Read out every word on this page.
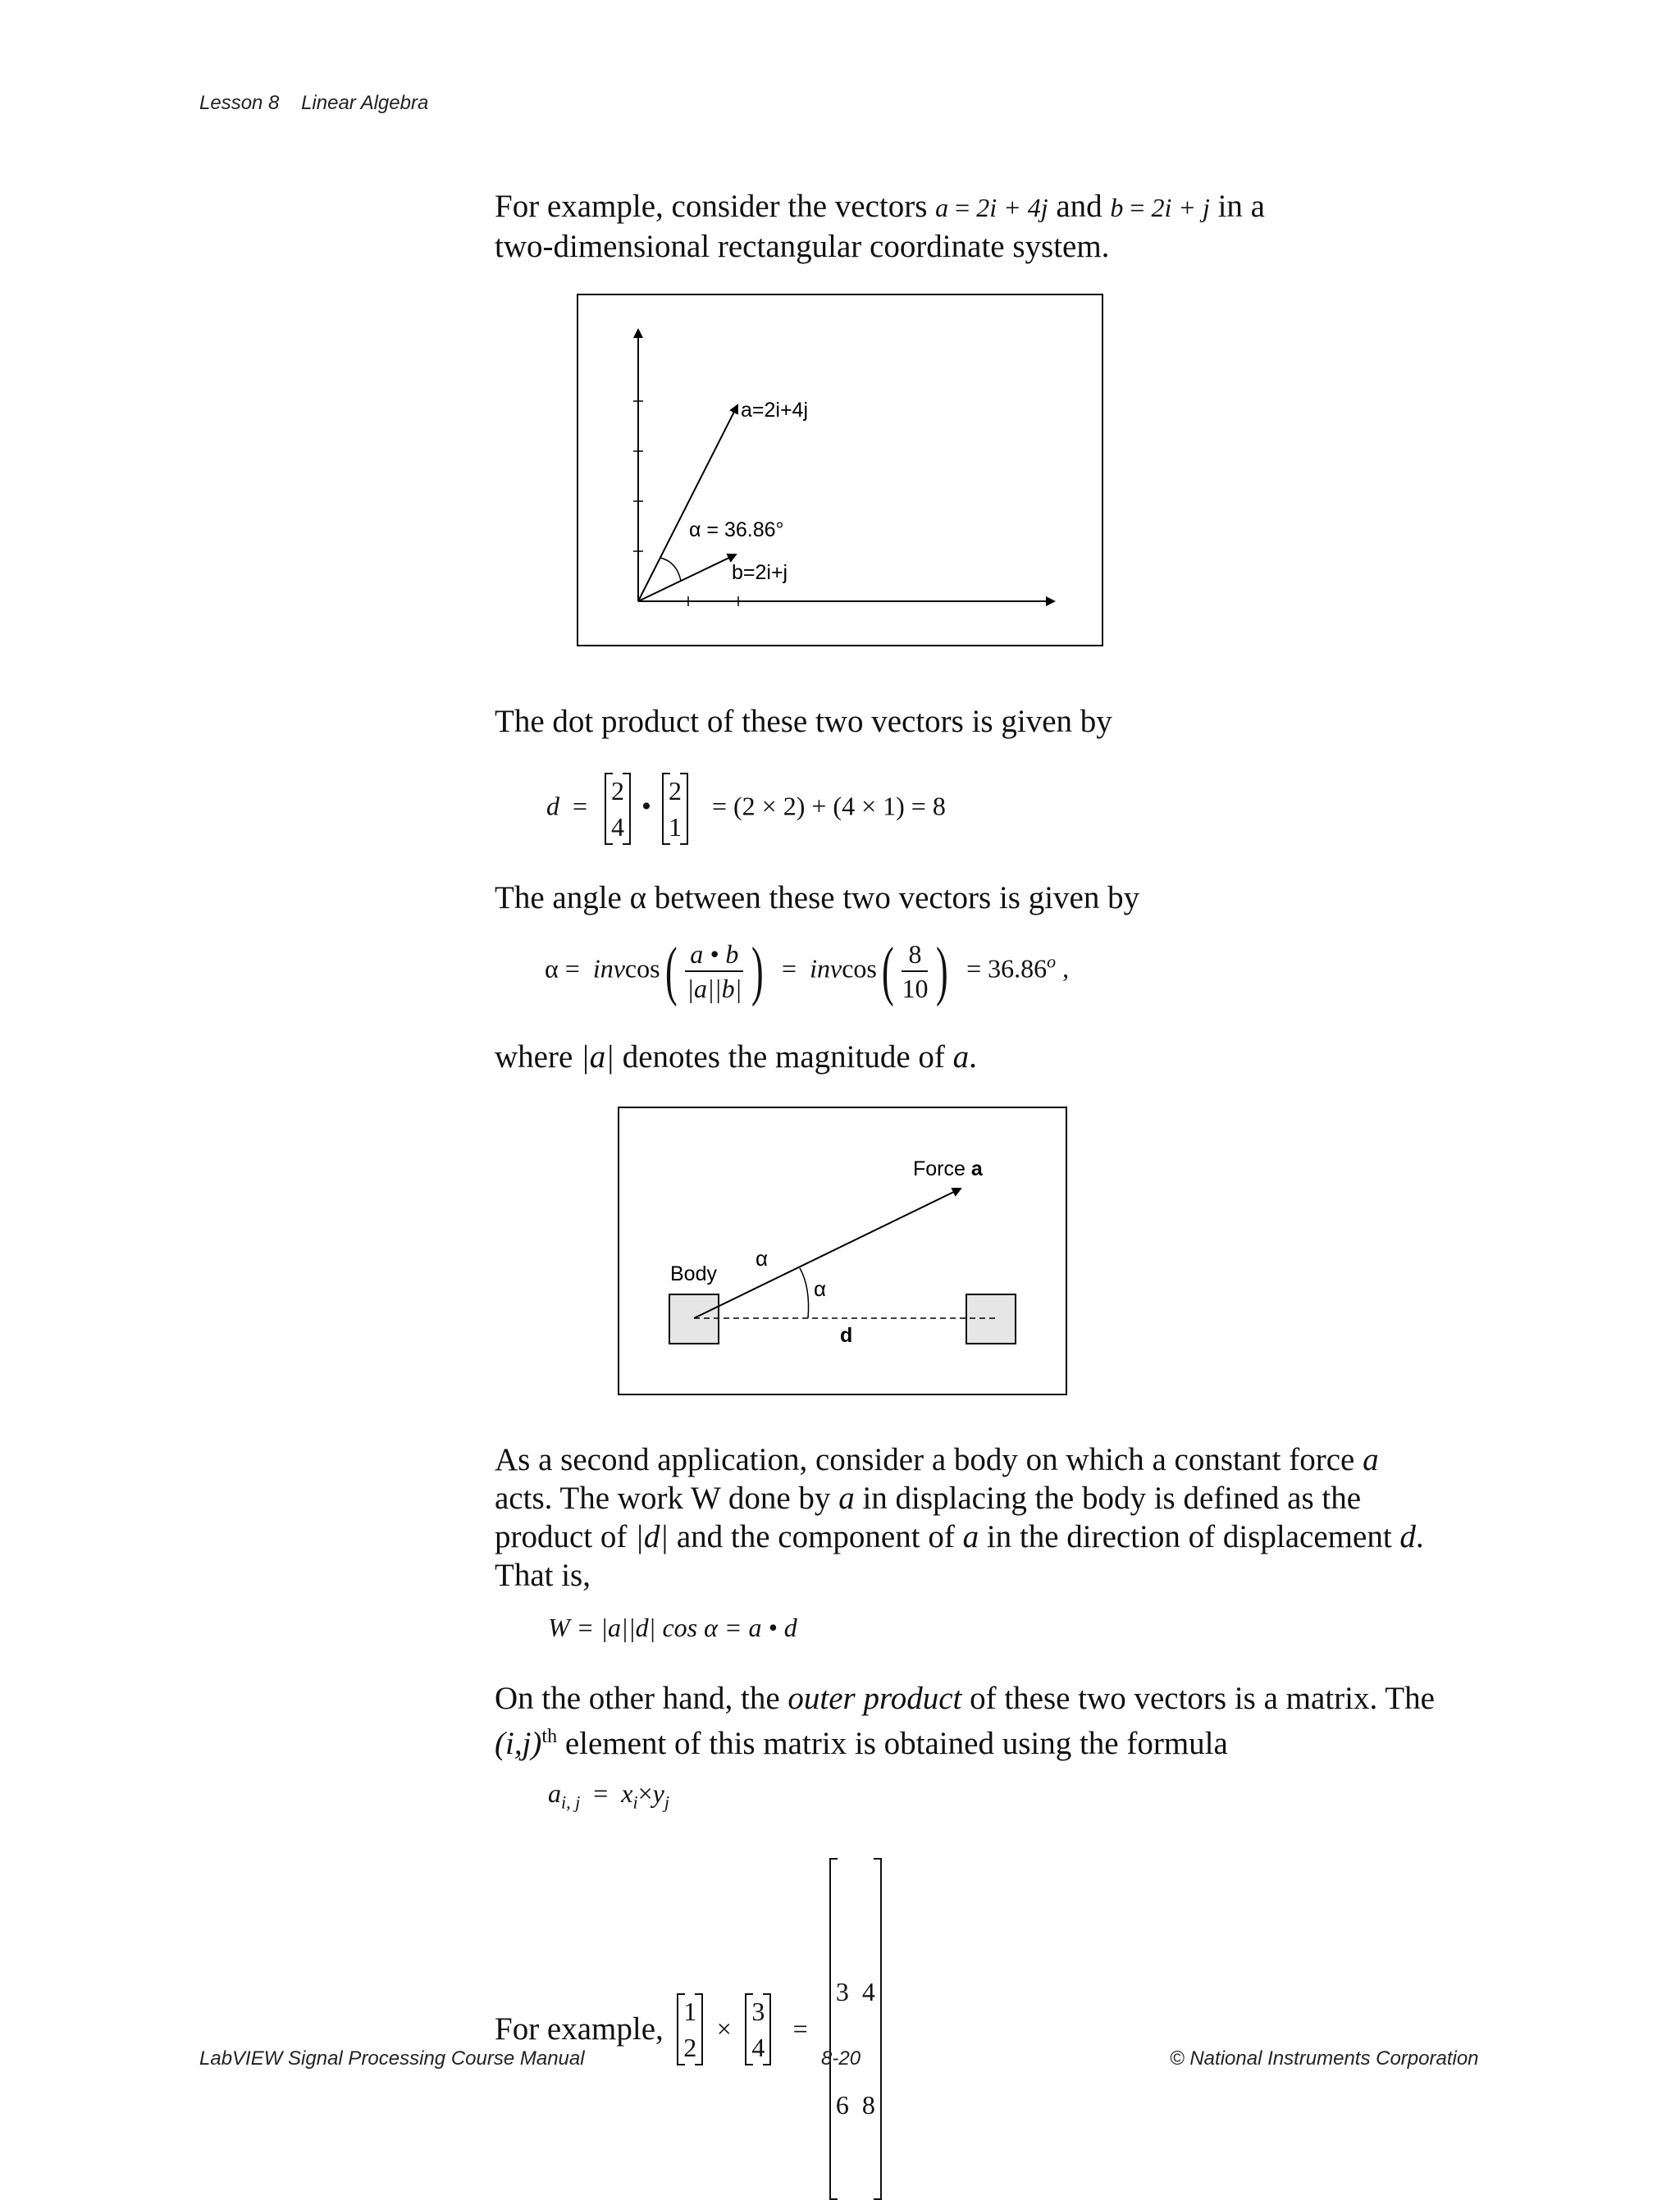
Lesson 8 Linear Algebra
For example, consider the vectors a = 2i + 4j and b = 2i + j in a
two-dimensional rectangular coordinate system.
a=2i+4j
α = 36.86°
b=2i+j
The dot product of these two vectors is given by
d =
2
4
•
2
1
= (2 × 2) + (4 × 1) = 8
The angle α between these two vectors is given by
$\alpha = invcos( \frac{a • b}{|a||b|}$ ) = $invcos( \frac{8}{10}$ ) = $36.86^o$ ,
where |a| denotes the magnitude of a.
Force a
Body
α
α
d
As a second application, consider a body on which a constant force a
acts. The work W done by a in displacing the body is defined as the
product of |d| and the component of a in the direction of displacement d.
That is,
W = |a||d| cos α = a • d
On the other hand, the outer product of these two vectors is a matrix. The
$(i,j)^{th}$ element of this matrix is obtained using the formula
$a_{i, j} = x_i\times y_j$
For example,
1
2
×
3
4
=

3  4

6  8

LabVIEW Signal Processing Course Manual	8-20	© National Instruments Corporation
